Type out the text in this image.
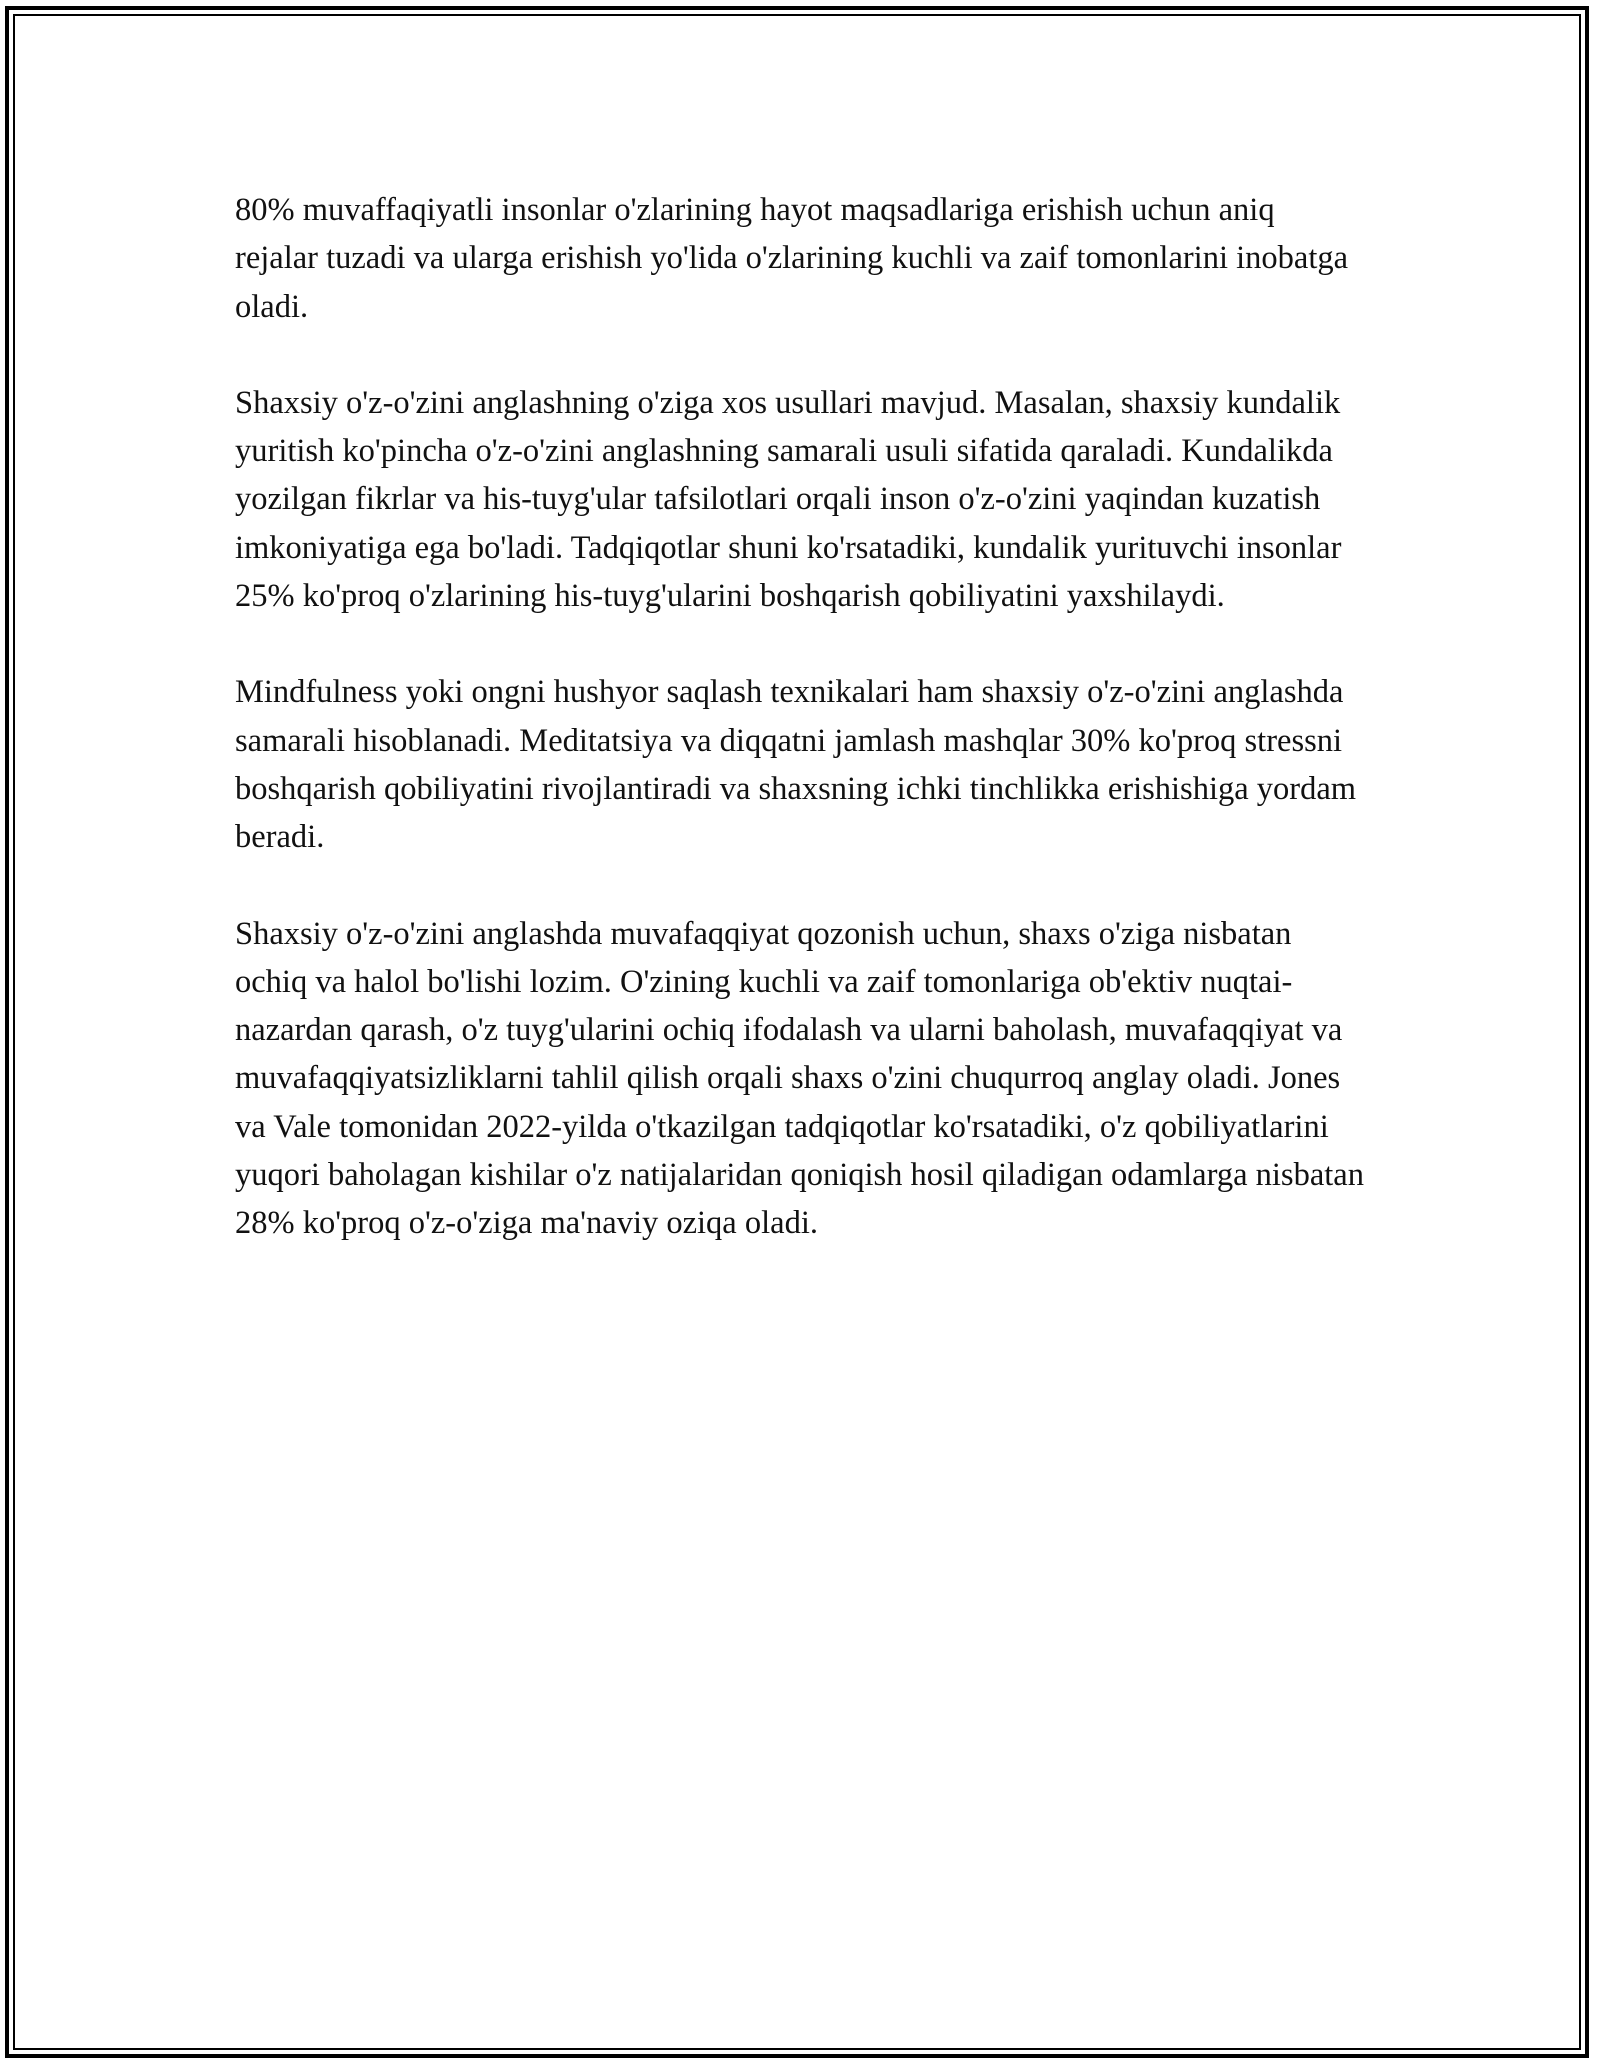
80% muvaffaqiyatli insonlar o'zlarining hayot maqsadlariga erishish uchun aniq rejalar tuzadi va ularga erishish yo'lida o'zlarining kuchli va zaif tomonlarini inobatga oladi.

Shaxsiy o'z-o'zini anglashning o'ziga xos usullari mavjud. Masalan, shaxsiy kundalik yuritish ko'pincha o'z-o'zini anglashning samarali usuli sifatida qaraladi. Kundalikda yozilgan fikrlar va his-tuyg'ular tafsilotlari orqali inson o'z-o'zini yaqindan kuzatish imkoniyatiga ega bo'ladi. Tadqiqotlar shuni ko'rsatadiki, kundalik yurituvchi insonlar 25% ko'proq o'zlarining his-tuyg'ularini boshqarish qobiliyatini yaxshilaydi.

Mindfulness yoki ongni hushyor saqlash texnikalari ham shaxsiy o'z-o'zini anglashda samarali hisoblanadi. Meditatsiya va diqqatni jamlash mashqlar 30% ko'proq stressni boshqarish qobiliyatini rivojlantiradi va shaxsning ichki tinchlikka erishishiga yordam beradi.

Shaxsiy o'z-o'zini anglashda muvafaqqiyat qozonish uchun, shaxs o'ziga nisbatan ochiq va halol bo'lishi lozim. O'zining kuchli va zaif tomonlariga ob'ektiv nuqtai-nazardan qarash, o'z tuyg'ularini ochiq ifodalash va ularni baholash, muvafaqqiyat va muvafaqqiyatsizliklarni tahlil qilish orqali shaxs o'zini chuqurroq anglay oladi. Jones va Vale tomonidan 2022-yilda o'tkazilgan tadqiqotlar ko'rsatadiki, o'z qobiliyatlarini yuqori baholagan kishilar o'z natijalaridan qoniqish hosil qiladigan odamlarga nisbatan 28% ko'proq o'z-o'ziga ma'naviy oziqa oladi.
